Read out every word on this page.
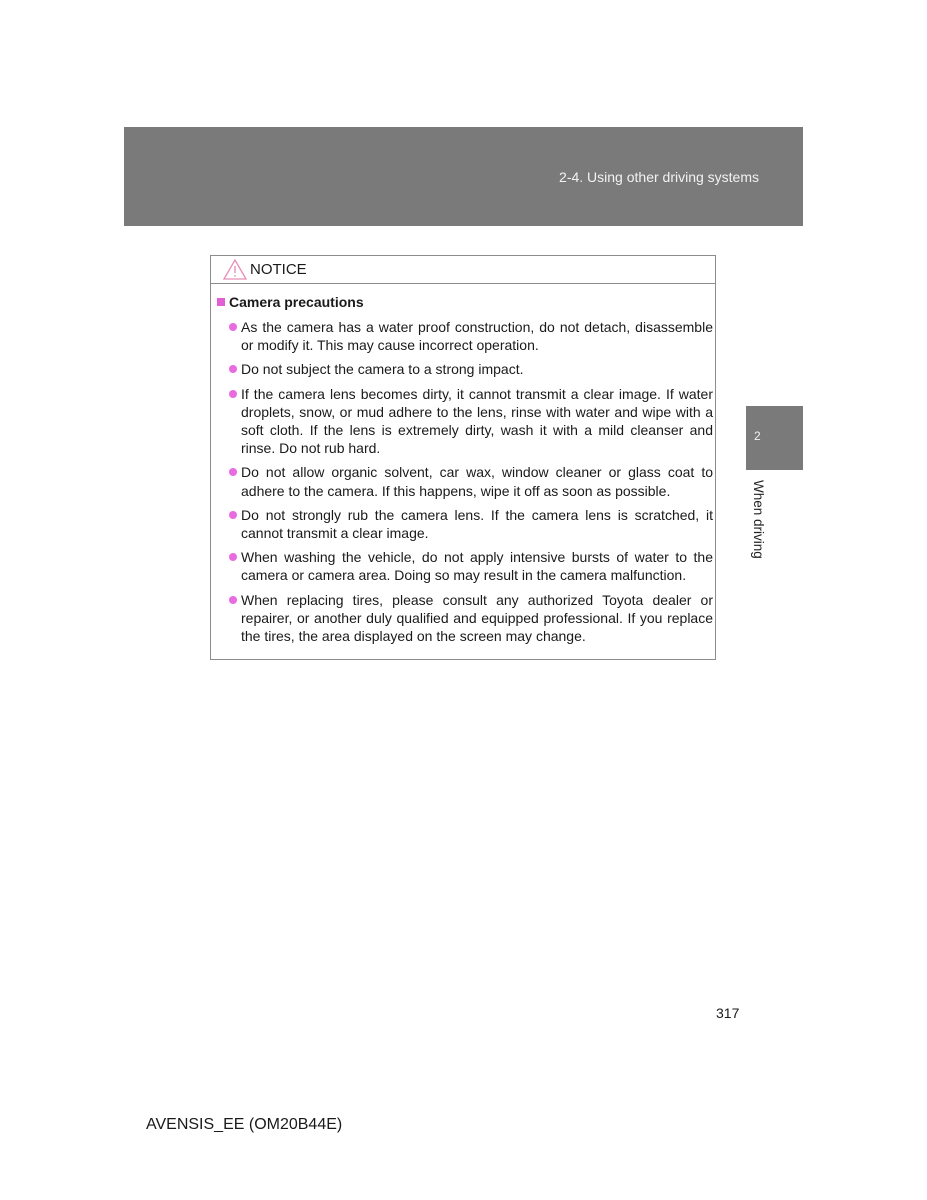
2-4. Using other driving systems
2
When driving
NOTICE
Camera precautions
As the camera has a water proof construction, do not detach, disassemble or modify it. This may cause incorrect operation.
Do not subject the camera to a strong impact.
If the camera lens becomes dirty, it cannot transmit a clear image. If water droplets, snow, or mud adhere to the lens, rinse with water and wipe with a soft cloth. If the lens is extremely dirty, wash it with a mild cleanser and rinse. Do not rub hard.
Do not allow organic solvent, car wax, window cleaner or glass coat to adhere to the camera. If this happens, wipe it off as soon as possible.
Do not strongly rub the camera lens. If the camera lens is scratched, it cannot transmit a clear image.
When washing the vehicle, do not apply intensive bursts of water to the camera or camera area. Doing so may result in the camera malfunction.
When replacing tires, please consult any authorized Toyota dealer or repairer, or another duly qualified and equipped professional. If you replace the tires, the area displayed on the screen may change.
317
AVENSIS_EE (OM20B44E)
